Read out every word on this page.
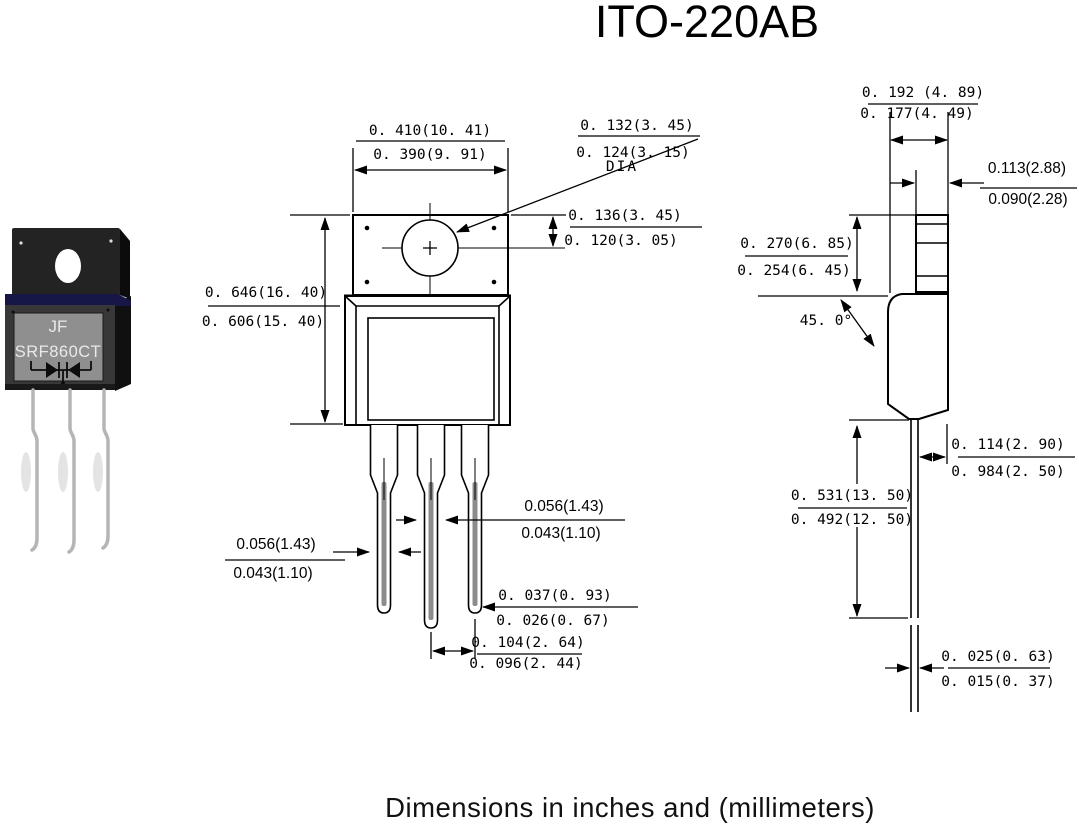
ITO-220AB
JF
SRF860CT
0. 410(10. 41)
0. 390(9. 91)
0. 132(3. 45)
0. 124(3. 15)
DIA
0. 136(3. 45)
0. 120(3. 05)
0. 646(16. 40)
0. 606(15. 40)
0.056(1.43)
0.043(1.10)
0.056(1.43)
0.043(1.10)
0. 037(0. 93)
0. 026(0. 67)
0. 104(2. 64)
0. 096(2. 44)
0. 192 (4. 89)
0. 177(4. 49)
0.113(2.88)
0.090(2.28)
0. 270(6. 85)
0. 254(6. 45)
45. 0°
0. 114(2. 90)
0. 984(2. 50)
0. 531(13. 50)
0. 492(12. 50)
0. 025(0. 63)
0. 015(0. 37)
Dimensions in inches and (millimeters)
